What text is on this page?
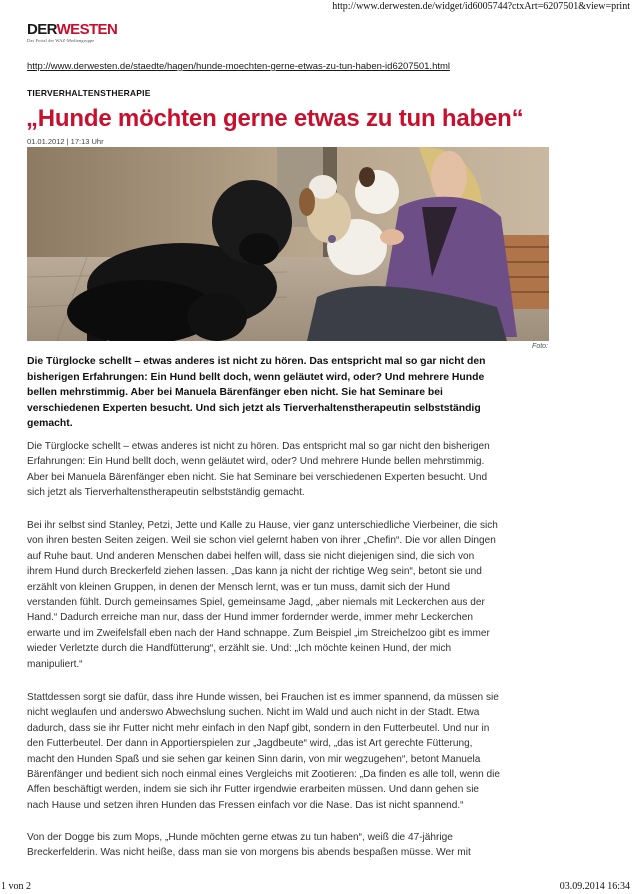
http://www.derwesten.de/widget/id6005744?ctxArt=6207501&view=print
DERWESTEN
Das Portal der WAZ-Mediengruppe
http://www.derwesten.de/staedte/hagen/hunde-moechten-gerne-etwas-zu-tun-haben-id6207501.html
TIERVERHALTENSTHERAPIE
„Hunde möchten gerne etwas zu tun haben“
01.01.2012 | 17:13 Uhr
Foto:
Die Türglocke schellt – etwas anderes ist nicht zu hören. Das entspricht mal so gar nicht den
bisherigen Erfahrungen: Ein Hund bellt doch, wenn geläutet wird, oder? Und mehrere Hunde
bellen mehrstimmig. Aber bei Manuela Bärenfänger eben nicht. Sie hat Seminare bei
verschiedenen Experten besucht. Und sich jetzt als Tierverhaltenstherapeutin selbstständig
gemacht.
Die Türglocke schellt – etwas anderes ist nicht zu hören. Das entspricht mal so gar nicht den bisherigen
Erfahrungen: Ein Hund bellt doch, wenn geläutet wird, oder? Und mehrere Hunde bellen mehrstimmig.
Aber bei Manuela Bärenfänger eben nicht. Sie hat Seminare bei verschiedenen Experten besucht. Und
sich jetzt als Tierverhaltenstherapeutin selbstständig gemacht.
Bei ihr selbst sind Stanley, Petzi, Jette und Kalle zu Hause, vier ganz unterschiedliche Vierbeiner, die sich
von ihren besten Seiten zeigen. Weil sie schon viel gelernt haben von ihrer „Chefin“. Die vor allen Dingen
auf Ruhe baut. Und anderen Menschen dabei helfen will, dass sie nicht diejenigen sind, die sich von
ihrem Hund durch Breckerfeld ziehen lassen. „Das kann ja nicht der richtige Weg sein“, betont sie und
erzählt von kleinen Gruppen, in denen der Mensch lernt, was er tun muss, damit sich der Hund
verstanden fühlt. Durch gemeinsames Spiel, gemeinsame Jagd, „aber niemals mit Leckerchen aus der
Hand.“ Dadurch erreiche man nur, dass der Hund immer fordernder werde, immer mehr Leckerchen
erwarte und im Zweifelsfall eben nach der Hand schnappe. Zum Beispiel „im Streichelzoo gibt es immer
wieder Verletzte durch die Handfütterung“, erzählt sie. Und: „Ich möchte keinen Hund, der mich
manipuliert.“
Stattdessen sorgt sie dafür, dass ihre Hunde wissen, bei Frauchen ist es immer spannend, da müssen sie
nicht weglaufen und anderswo Abwechslung suchen. Nicht im Wald und auch nicht in der Stadt. Etwa
dadurch, dass sie ihr Futter nicht mehr einfach in den Napf gibt, sondern in den Futterbeutel. Und nur in
den Futterbeutel. Der dann in Apportierspielen zur „Jagdbeute“ wird, „das ist Art gerechte Fütterung,
macht den Hunden Spaß und sie sehen gar keinen Sinn darin, von mir wegzugehen“, betont Manuela
Bärenfänger und bedient sich noch einmal eines Vergleichs mit Zootieren: „Da finden es alle toll, wenn die
Affen beschäftigt werden, indem sie sich ihr Futter irgendwie erarbeiten müssen. Und dann gehen sie
nach Hause und setzen ihren Hunden das Fressen einfach vor die Nase. Das ist nicht spannend.“
Von der Dogge bis zum Mops, „Hunde möchten gerne etwas zu tun haben“, weiß die 47-jährige
Breckerfelderin. Was nicht heiße, dass man sie von morgens bis abends bespaßen müsse. Wer mit
1 von 2	03.09.2014 16:34
